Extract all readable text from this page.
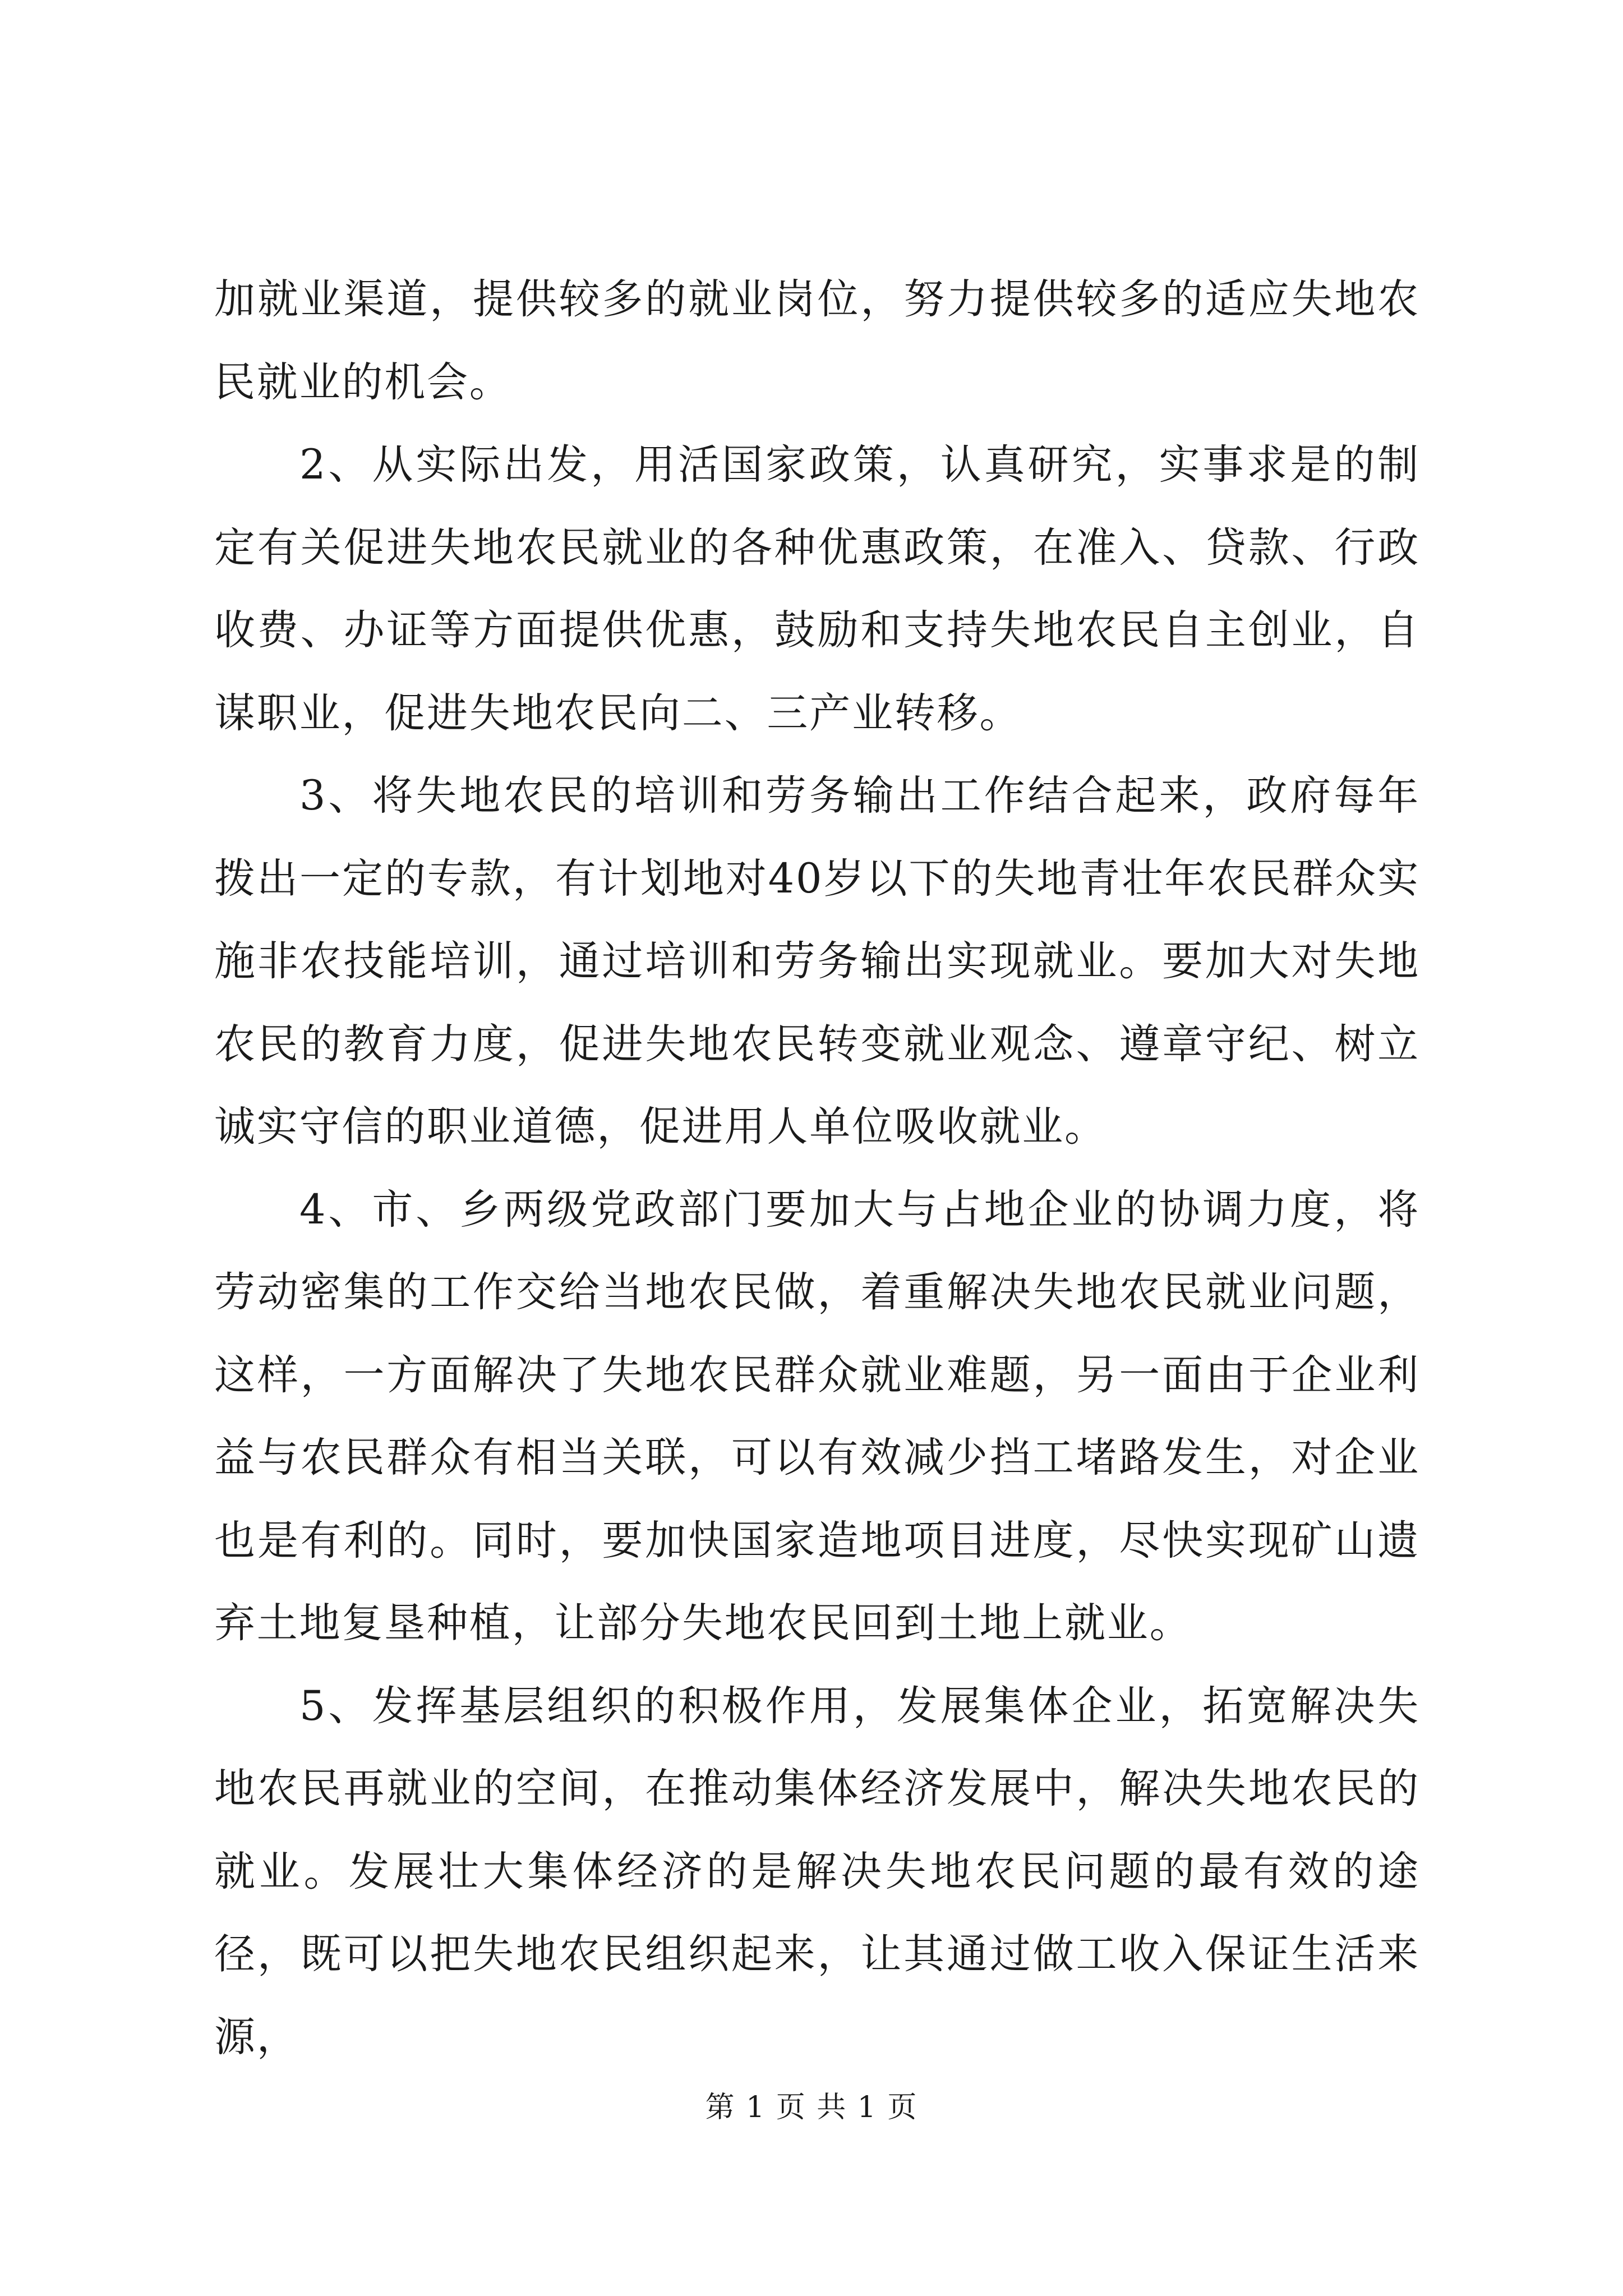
加就业渠道，提供较多的就业岗位，努力提供较多的适应失地农民就业的机会。

2、从实际出发，用活国家政策，认真研究，实事求是的制定有关促进失地农民就业的各种优惠政策，在准入、贷款、行政收费、办证等方面提供优惠，鼓励和支持失地农民自主创业，自谋职业，促进失地农民向二、三产业转移。

3、将失地农民的培训和劳务输出工作结合起来，政府每年拨出一定的专款，有计划地对40岁以下的失地青壮年农民群众实施非农技能培训，通过培训和劳务输出实现就业。要加大对失地农民的教育力度，促进失地农民转变就业观念、遵章守纪、树立诚实守信的职业道德，促进用人单位吸收就业。

4、市、乡两级党政部门要加大与占地企业的协调力度，将劳动密集的工作交给当地农民做，着重解决失地农民就业问题，这样，一方面解决了失地农民群众就业难题，另一面由于企业利益与农民群众有相当关联，可以有效减少挡工堵路发生，对企业也是有利的。同时，要加快国家造地项目进度，尽快实现矿山遗弃土地复垦种植，让部分失地农民回到土地上就业。

5、发挥基层组织的积极作用，发展集体企业，拓宽解决失地农民再就业的空间，在推动集体经济发展中，解决失地农民的就业。发展壮大集体经济的是解决失地农民问题的最有效的途径，既可以把失地农民组织起来，让其通过做工收入保证生活来源，

第 1 页 共 1 页
